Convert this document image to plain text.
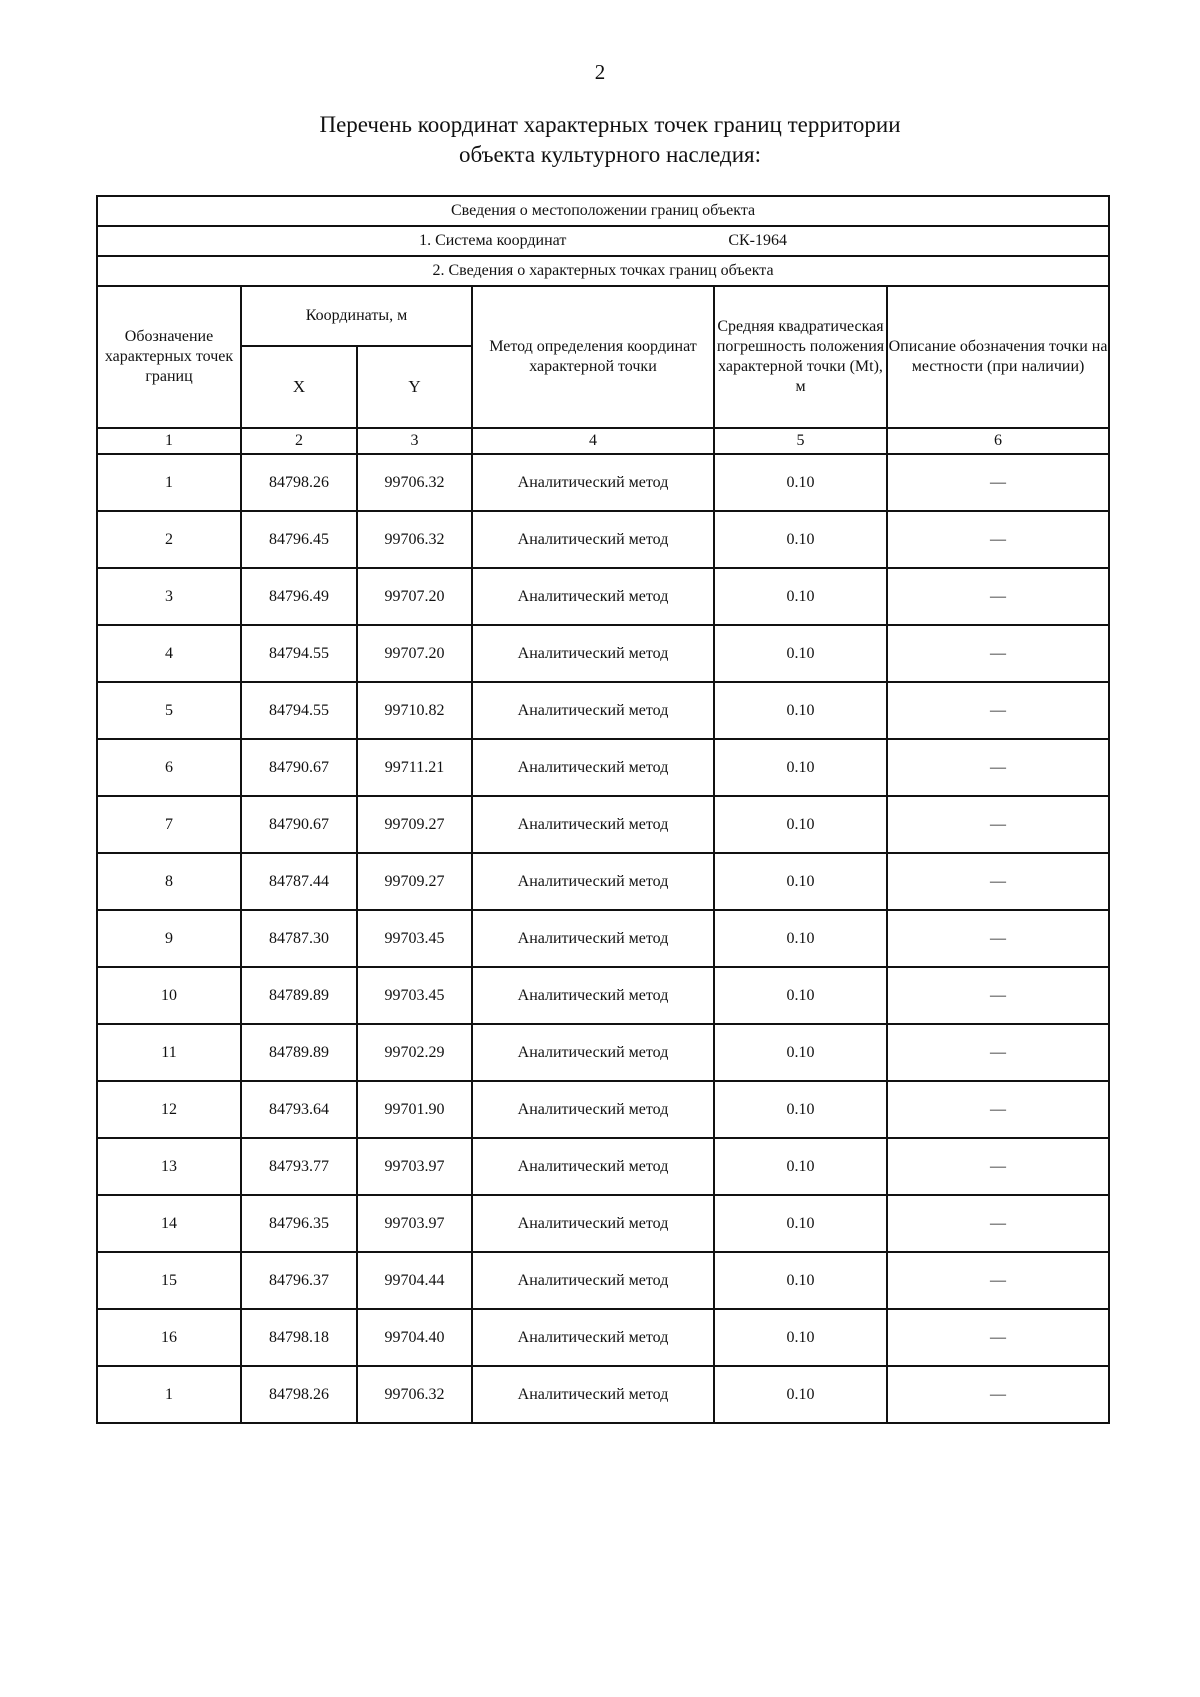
2
Перечень координат характерных точек границ территории
объекта культурного наследия:
Сведения о местоположении границ объекта					
1. Система координат СК-1964					
2. Сведения о характерных точках границ объекта					
Обозначение характерных точек границ	Координаты, м		Метод определения координат характерной точки	Средняя квадратическая погрешность положения характерной точки (Mt), м	Описание обозначения точки на местности (при наличии)
	X	Y			
1	2	3	4	5	6
1	84798.26	99706.32	Аналитический метод	0.10	—
2	84796.45	99706.32	Аналитический метод	0.10	—
3	84796.49	99707.20	Аналитический метод	0.10	—
4	84794.55	99707.20	Аналитический метод	0.10	—
5	84794.55	99710.82	Аналитический метод	0.10	—
6	84790.67	99711.21	Аналитический метод	0.10	—
7	84790.67	99709.27	Аналитический метод	0.10	—
8	84787.44	99709.27	Аналитический метод	0.10	—
9	84787.30	99703.45	Аналитический метод	0.10	—
10	84789.89	99703.45	Аналитический метод	0.10	—
11	84789.89	99702.29	Аналитический метод	0.10	—
12	84793.64	99701.90	Аналитический метод	0.10	—
13	84793.77	99703.97	Аналитический метод	0.10	—
14	84796.35	99703.97	Аналитический метод	0.10	—
15	84796.37	99704.44	Аналитический метод	0.10	—
16	84798.18	99704.40	Аналитический метод	0.10	—
1	84798.26	99706.32	Аналитический метод	0.10	—
